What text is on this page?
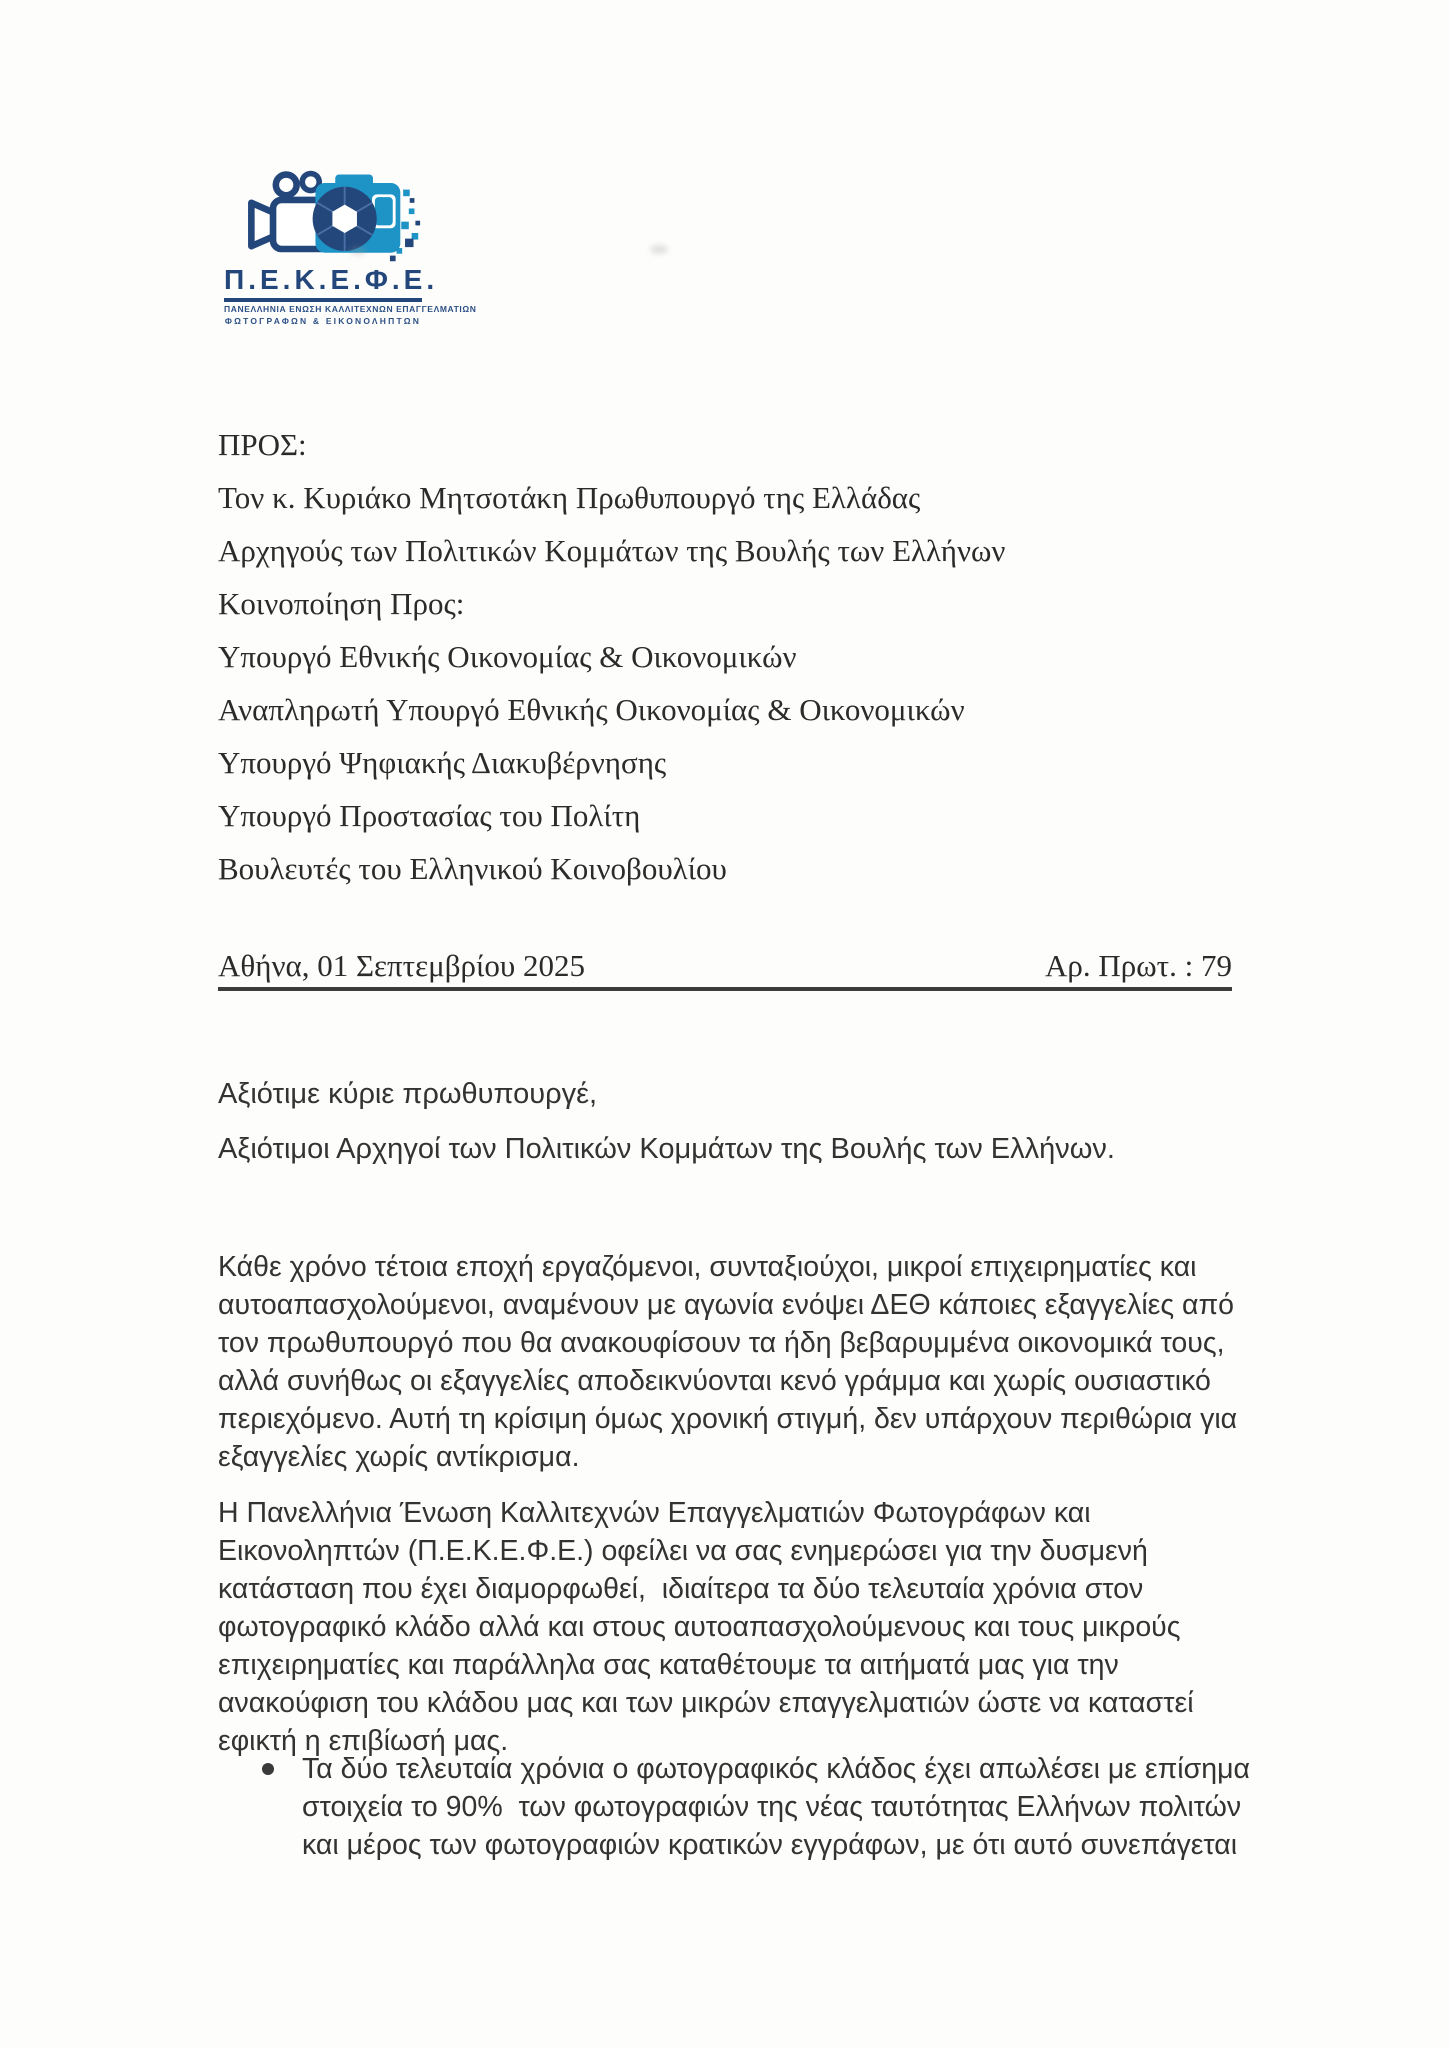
Π.Ε.Κ.Ε.Φ.Ε.
ΠΑΝΕΛΛΗΝΙΑ ΕΝΩΣΗ ΚΑΛΛΙΤΕΧΝΩΝ ΕΠΑΓΓΕΛΜΑΤΙΩΝ
ΦΩΤΟΓΡΑΦΩΝ & ΕΙΚΟΝΟΛΗΠΤΩΝ
ΠΡΟΣ:
Τον κ. Κυριάκο Μητσοτάκη Πρωθυπουργό της Ελλάδας
Αρχηγούς των Πολιτικών Κομμάτων της Βουλής των Ελλήνων
Κοινοποίηση Προς:
Υπουργό Εθνικής Οικονομίας & Οικονομικών
Αναπληρωτή Υπουργό Εθνικής Οικονομίας & Οικονομικών
Υπουργό Ψηφιακής Διακυβέρνησης
Υπουργό Προστασίας του Πολίτη
Βουλευτές του Ελληνικού Κοινοβουλίου
Αθήνα, 01 Σεπτεμβρίου 2025	Αρ. Πρωτ. : 79
Αξιότιμε κύριε πρωθυπουργέ,
Αξιότιμοι Αρχηγοί των Πολιτικών Κομμάτων της Βουλής των Ελλήνων.
Κάθε χρόνο τέτοια εποχή εργαζόμενοι, συνταξιούχοι, μικροί επιχειρηματίες και αυτοαπασχολούμενοι, αναμένουν με αγωνία ενόψει ΔΕΘ κάποιες εξαγγελίες από τον πρωθυπουργό που θα ανακουφίσουν τα ήδη βεβαρυμμένα οικονομικά τους, αλλά συνήθως οι εξαγγελίες αποδεικνύονται κενό γράμμα και χωρίς ουσιαστικό περιεχόμενο. Αυτή τη κρίσιμη όμως χρονική στιγμή, δεν υπάρχουν περιθώρια για εξαγγελίες χωρίς αντίκρισμα.
Η Πανελλήνια Ένωση Καλλιτεχνών Επαγγελματιών Φωτογράφων και Εικονοληπτών (Π.Ε.Κ.Ε.Φ.Ε.) οφείλει να σας ενημερώσει για την δυσμενή κατάσταση που έχει διαμορφωθεί,  ιδιαίτερα τα δύο τελευταία χρόνια στον φωτογραφικό κλάδο αλλά και στους αυτοαπασχολούμενους και τους μικρούς επιχειρηματίες και παράλληλα σας καταθέτουμε τα αιτήματά μας για την ανακούφιση του κλάδου μας και των μικρών επαγγελματιών ώστε να καταστεί εφικτή η επιβίωσή μας.
Τα δύο τελευταία χρόνια ο φωτογραφικός κλάδος έχει απωλέσει με επίσημα στοιχεία το 90%  των φωτογραφιών της νέας ταυτότητας Ελλήνων πολιτών και μέρος των φωτογραφιών κρατικών εγγράφων, με ότι αυτό συνεπάγεται
